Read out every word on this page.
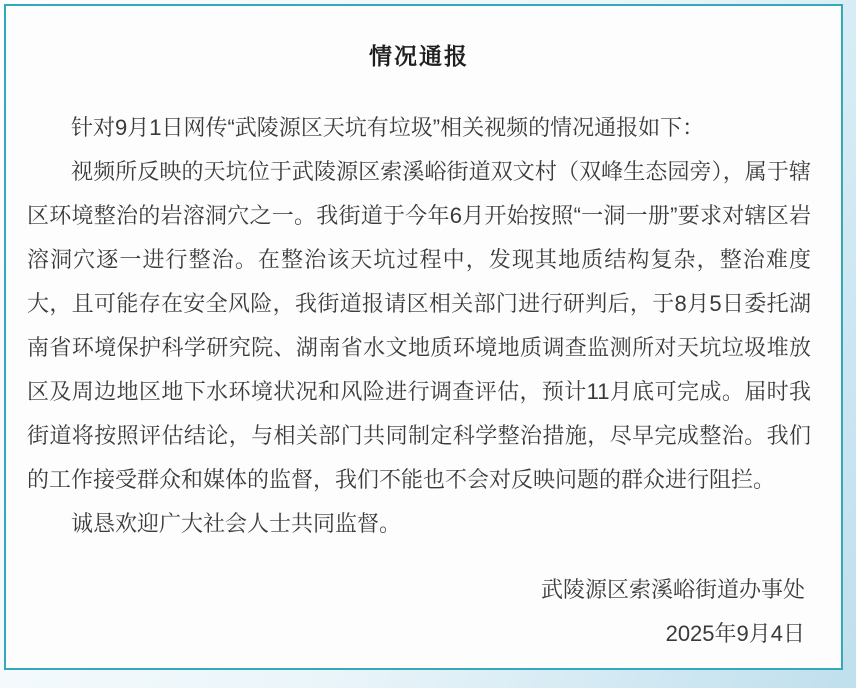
情况通报

针对9月1日网传“武陵源区天坑有垃圾”相关视频的情况通报如下：

视频所反映的天坑位于武陵源区索溪峪街道双文村（双峰生态园旁），属于辖区环境整治的岩溶洞穴之一。我街道于今年6月开始按照“一洞一册”要求对辖区岩溶洞穴逐一进行整治。在整治该天坑过程中，发现其地质结构复杂，整治难度大，且可能存在安全风险，我街道报请区相关部门进行研判后，于8月5日委托湖南省环境保护科学研究院、湖南省水文地质环境地质调查监测所对天坑垃圾堆放区及周边地区地下水环境状况和风险进行调查评估，预计11月底可完成。届时我街道将按照评估结论，与相关部门共同制定科学整治措施，尽早完成整治。我们的工作接受群众和媒体的监督，我们不能也不会对反映问题的群众进行阻拦。

诚恳欢迎广大社会人士共同监督。

武陵源区索溪峪街道办事处
2025年9月4日
